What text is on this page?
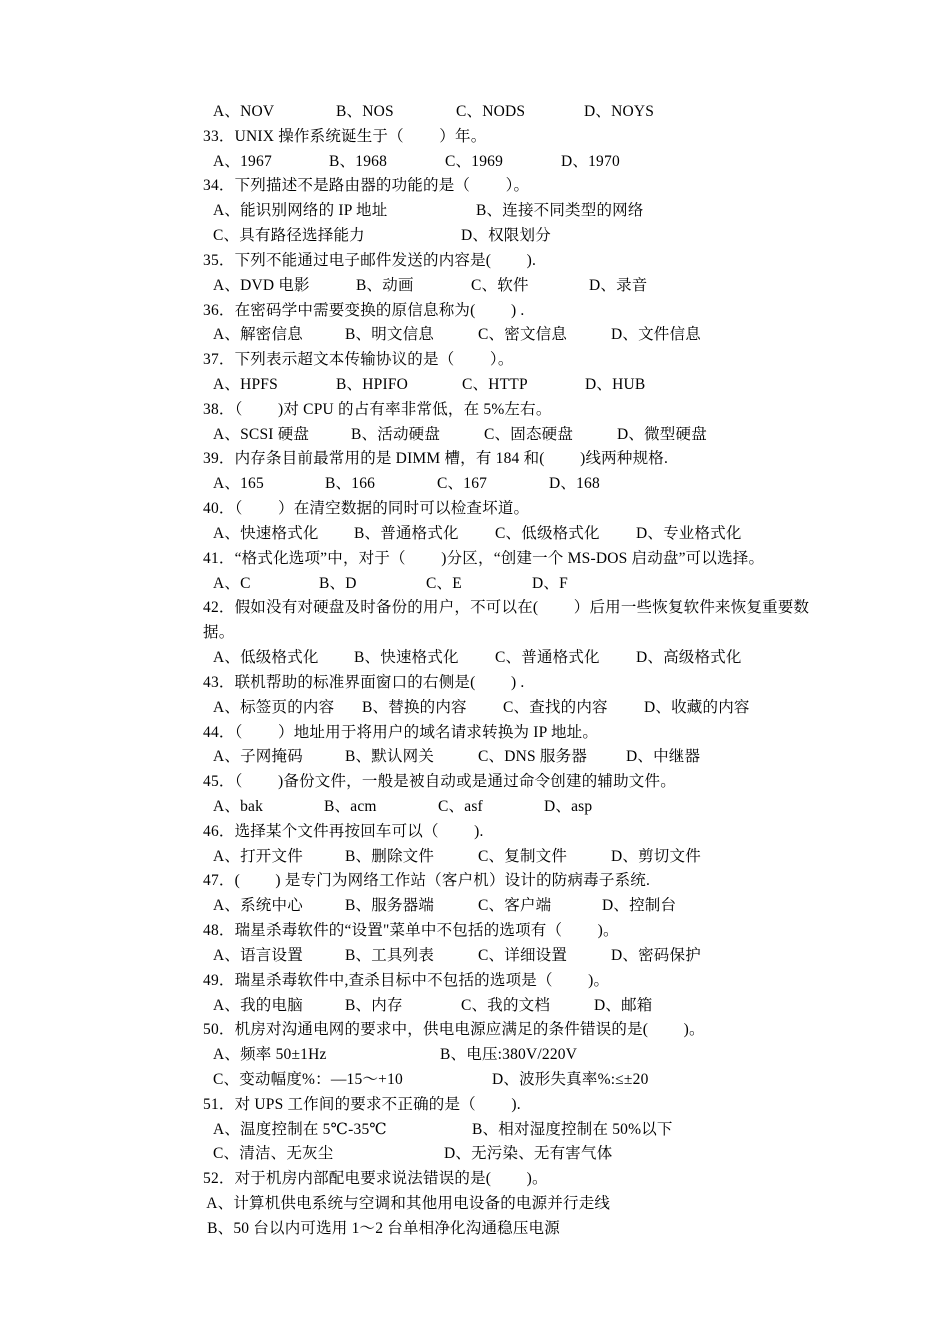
A、NOV	B、NOS	C、NODS	D、NOYS
33．UNIX 操作系统诞生于（　　 ）年。
A、1967	B、1968	C、1969	D、1970
34．下列描述不是路由器的功能的是（　　 ）。
A、能识别网络的 IP 地址	B、连接不同类型的网络
C、具有路径选择能力	D、权限划分
35．下列不能通过电子邮件发送的内容是(　　 ).
A、DVD 电影	B、动画	C、软件	D、录音
36．在密码学中需要变换的原信息称为(　　 ) .
A、解密信息	B、明文信息	C、密文信息	D、文件信息
37．下列表示超文本传输协议的是（　　 ）。
A、HPFS	B、HPIFO	C、HTTP	D、HUB
38．（　　 )对 CPU 的占有率非常低，在 5%左右。
A、SCSI 硬盘	B、活动硬盘	C、固态硬盘	D、微型硬盘
39．内存条目前最常用的是 DIMM 槽，有 184 和(　　 )线两种规格.
A、165	B、166	C、167	D、168
40．（　　 ）在清空数据的同时可以检查坏道。
A、快速格式化 B、普通格式化 C、低级格式化 D、专业格式化
41．“格式化选项”中，对于（　　 )分区，“创建一个 MS-DOS 启动盘”可以选择。
A、C	B、D	C、E	D、F
42．假如没有对硬盘及时备份的用户，不可以在(　　 ）后用一些恢复软件来恢复重要数
据。
A、低级格式化 B、快速格式化 C、普通格式化 D、高级格式化
43．联机帮助的标准界面窗口的右侧是(　　 ) .
A、标签页的内容 B、替换的内容 C、查找的内容 D、收藏的内容
44．（　　 ）地址用于将用户的域名请求转换为 IP 地址。
A、子网掩码	B、默认网关	C、DNS 服务器	D、中继器
45．（　　 )备份文件，一般是被自动或是通过命令创建的辅助文件。
A、bak	B、acm	C、asf	D、asp
46．选择某个文件再按回车可以（　　 ).
A、打开文件	B、删除文件	C、复制文件	D、剪切文件
47．(　　 ) 是专门为网络工作站（客户机）设计的防病毒子系统.
A、系统中心	B、服务器端	C、客户端	D、控制台
48．瑞星杀毒软件的“设置"菜单中不包括的选项有（　　 )。
A、语言设置	B、工具列表	C、详细设置	D、密码保护
49．瑞星杀毒软件中,查杀目标中不包括的选项是（　　 )。
A、我的电脑	B、内存	C、我的文档	D、邮箱
50．机房对沟通电网的要求中，供电电源应满足的条件错误的是(　　 )。
A、频率 50±1Hz	B、电压:380V/220V
C、变动幅度%：—15～+10	D、波形失真率%:≤±20
51．对 UPS 工作间的要求不正确的是（　　 ).
A、温度控制在 5℃-35℃	B、相对湿度控制在 50%以下
C、清洁、无灰尘	D、无污染、无有害气体
52．对于机房内部配电要求说法错误的是(　　 )。
A、计算机供电系统与空调和其他用电设备的电源并行走线
B、50 台以内可选用 1～2 台单相净化沟通稳压电源
